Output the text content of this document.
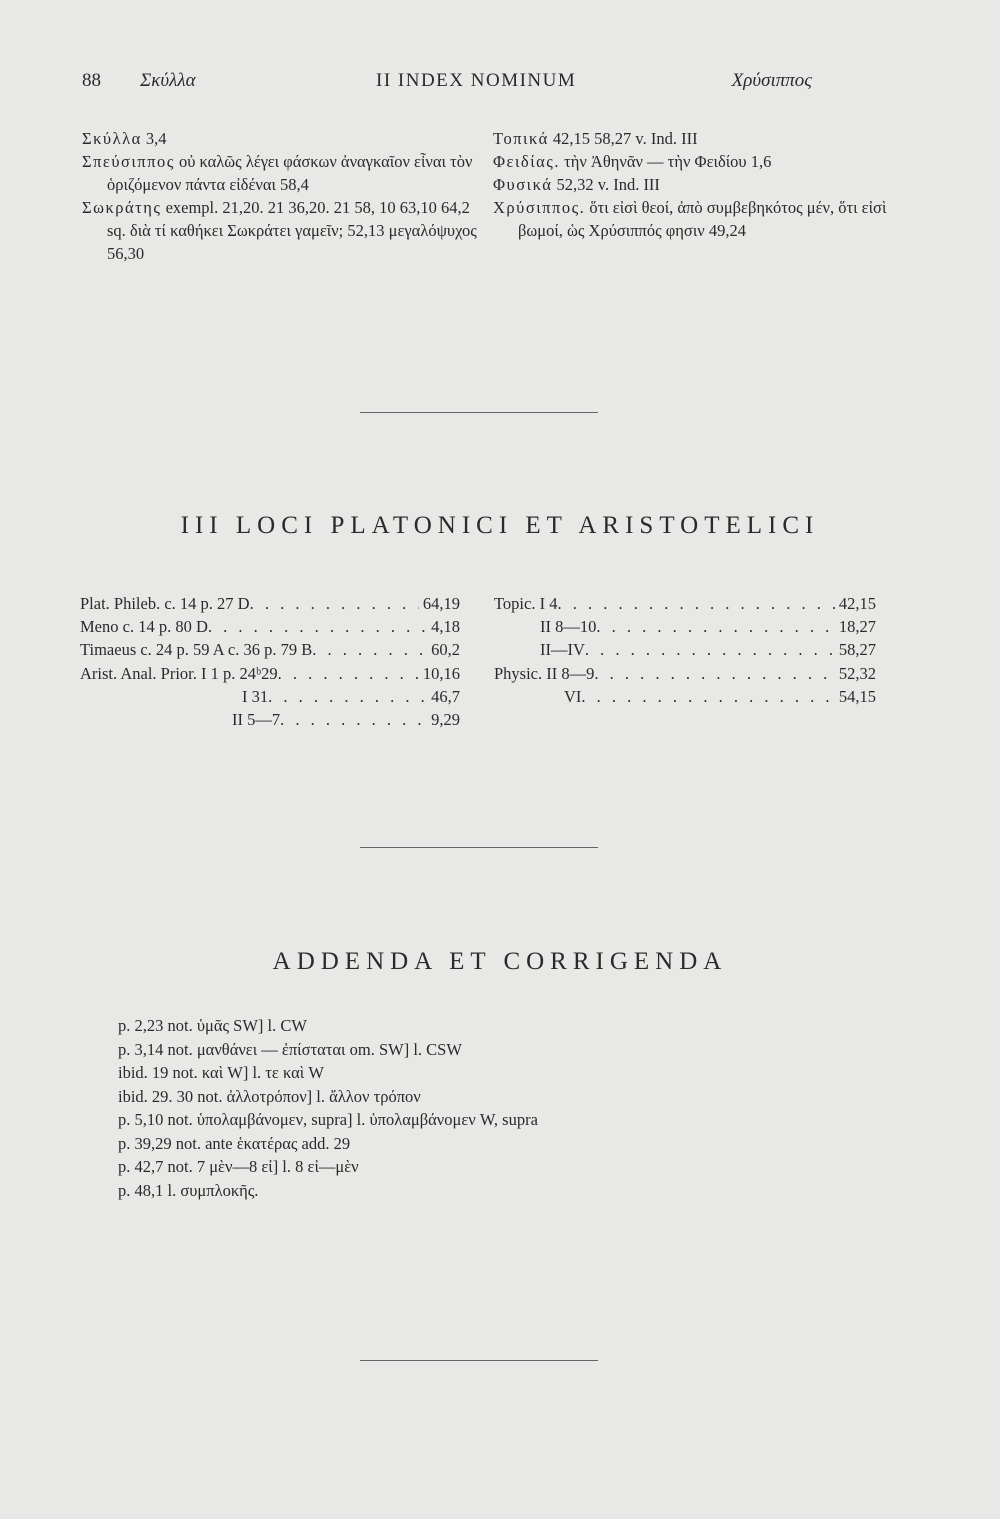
88 Σκύλλα	II INDEX NOMINUM	Χρύσιππος

Σκύλλα 3,4

Σπεύσιππος οὐ καλῶς λέγει φάσκων ἀναγκαῖον εἶναι τὸν ὁριζόμενον πάντα εἰδέναι 58,4

Σωκράτης exempl. 21,20. 21 36,20. 21 58, 10 63,10 64,2 sq. διὰ τί καθήκει Σωκράτει γαμεῖν; 52,13 μεγαλόψυχος 56,30

Τοπικά 42,15 58,27 v. Ind. III

Φειδίας. τὴν Ἀθηνᾶν — τὴν Φειδίου 1,6

Φυσικά 52,32 v. Ind. III

Χρύσιππος. ὅτι εἰσὶ θεοί, ἀπὸ συμβεβηκότος μέν, ὅτι εἰσὶ βωμοί, ὡς Χρύσιππός φησιν 49,24

III LOCI PLATONICI ET ARISTOTELICI
Plat. Phileb. c. 14 p. 27 D . . .	64,19
Meno c. 14 p. 80 D . . .	4,18
Timaeus c. 24 p. 59 A c. 36 p. 79 B . . .	60,2
Arist. Anal. Prior. I 1 p. 24ᵇ29 . . .	10,16
I 31 . . .	46,7
II 5—7 . . .	9,29
Topic. I 4 . . .	42,15
II 8—10 . . .	18,27
II—IV . . .	58,27
Physic. II 8—9 . . .	52,32
VI . . .	54,15
ADDENDA ET CORRIGENDA

p. 2,23 not. ὑμᾶς SW] l. CW

p. 3,14 not. μανθάνει — ἐπίσταται om. SW] l. CSW

ibid. 19 not. καὶ W] l. τε καὶ W

ibid. 29. 30 not. ἀλλοτρόπον] l. ἄλλον τρόπον

p. 5,10 not. ὑπολαμβάνομεν, supra] l. ὑπολαμβάνομεν W, supra

p. 39,29 not. ante ἑκατέρας add. 29

p. 42,7 not. 7 μὲν—8 εἰ] l. 8 εἰ—μὲν

p. 48,1 l. συμπλοκῆς.
